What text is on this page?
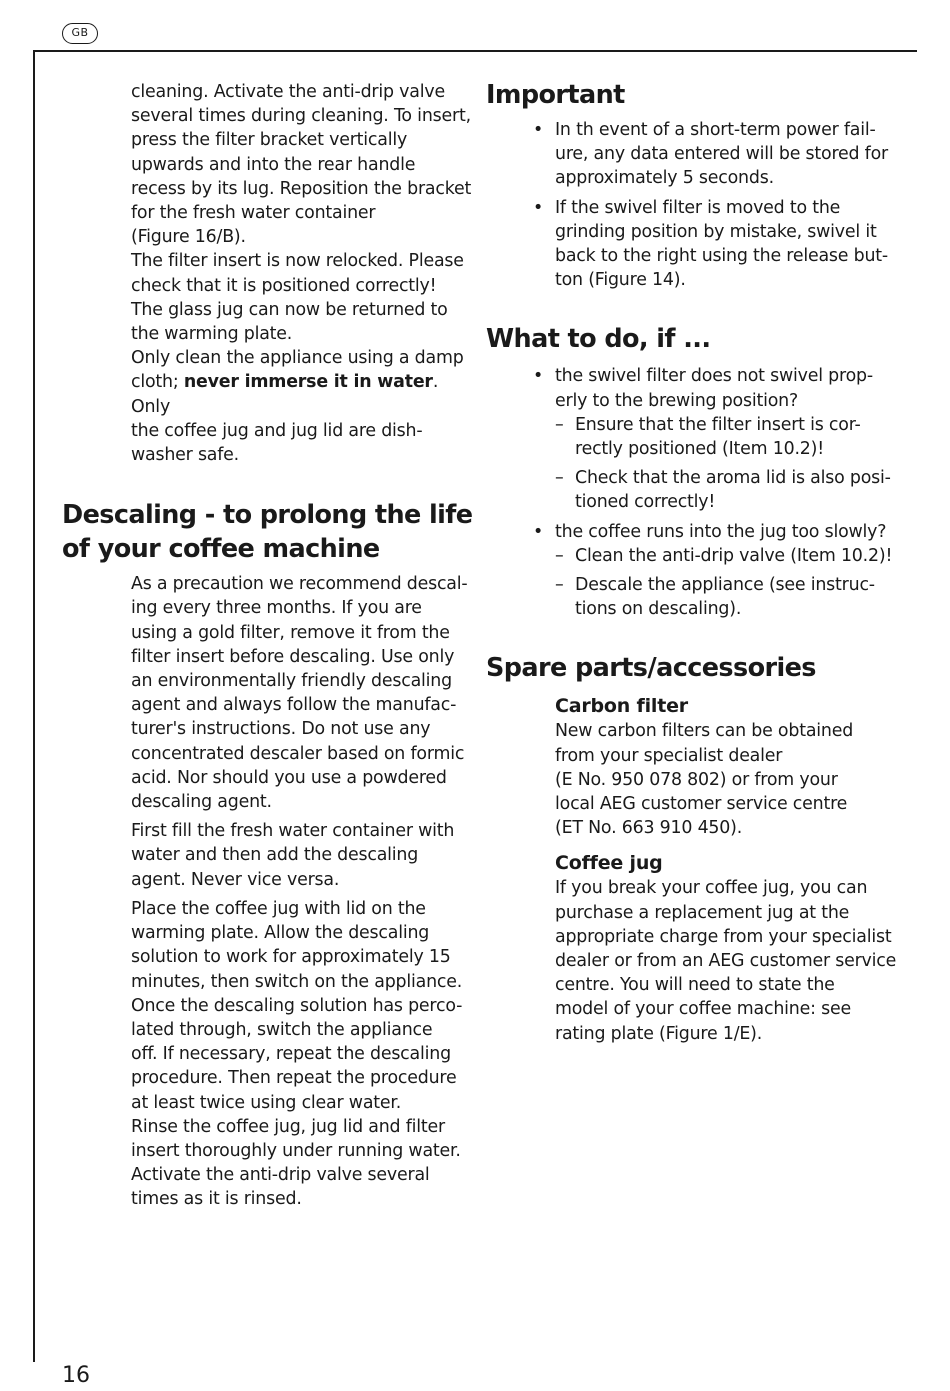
GB

cleaning. Activate the anti-drip valve
several times during cleaning. To insert,
press the filter bracket vertically
upwards and into the rear handle
recess by its lug. Reposition the bracket
for the fresh water container
(Figure 16/B).
The filter insert is now relocked. Please
check that it is positioned correctly!
The glass jug can now be returned to
the warming plate.
Only clean the appliance using a damp
cloth; never immerse it in water. Only
the coffee jug and jug lid are dish-
washer safe.

Descaling - to prolong the life of your coffee machine

As a precaution we recommend descal-
ing every three months. If you are
using a gold filter, remove it from the
filter insert before descaling. Use only
an environmentally friendly descaling
agent and always follow the manufac-
turer's instructions. Do not use any
concentrated descaler based on formic
acid. Nor should you use a powdered
descaling agent.

First fill the fresh water container with
water and then add the descaling
agent. Never vice versa.

Place the coffee jug with lid on the
warming plate. Allow the descaling
solution to work for approximately 15
minutes, then switch on the appliance.
Once the descaling solution has perco-
lated through, switch the appliance
off. If necessary, repeat the descaling
procedure. Then repeat the procedure
at least twice using clear water.
Rinse the coffee jug, jug lid and filter
insert thoroughly under running water.
Activate the anti-drip valve several
times as it is rinsed.

Important
• In th event of a short-term power fail-
ure, any data entered will be stored for
approximately 5 seconds.
• If the swivel filter is moved to the
grinding position by mistake, swivel it
back to the right using the release but-
ton (Figure 14).
What to do, if ...
• the swivel filter does not swivel prop-
erly to the brewing position?
– Ensure that the filter insert is cor-
rectly positioned (Item 10.2)!
– Check that the aroma lid is also posi-
tioned correctly!
• the coffee runs into the jug too slowly?
– Clean the anti-drip valve (Item 10.2)!
– Descale the appliance (see instruc-
tions on descaling).
Spare parts/accessories
Carbon filter

New carbon filters can be obtained
from your specialist dealer
(E No. 950 078 802) or from your
local AEG customer service centre
(ET No. 663 910 450).

Coffee jug

If you break your coffee jug, you can
purchase a replacement jug at the
appropriate charge from your specialist
dealer or from an AEG customer service
centre. You will need to state the
model of your coffee machine: see
rating plate (Figure 1/E).

16
